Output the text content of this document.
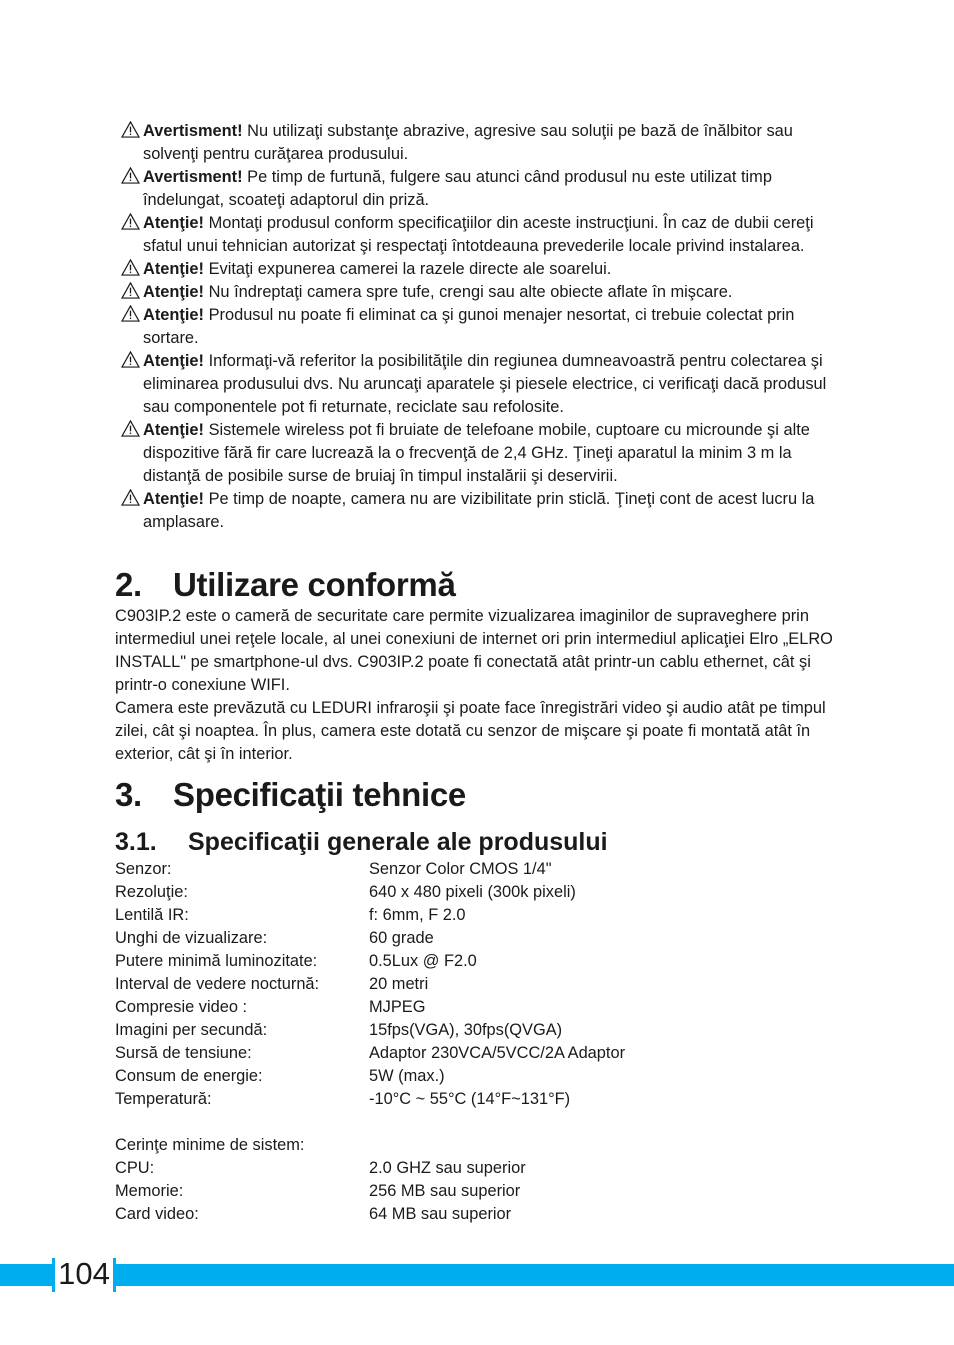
Avertisment! Nu utilizaţi substanţe abrazive, agresive sau soluţii pe bază de înălbitor sau solvenţi pentru curăţarea produsului.
Avertisment! Pe timp de furtună, fulgere sau atunci când produsul nu este utilizat timp îndelungat, scoateţi adaptorul din priză.
Atenţie! Montaţi produsul conform specificaţiilor din aceste instrucţiuni. În caz de dubii cereţi sfatul unui tehnician autorizat şi respectaţi întotdeauna prevederile locale privind instalarea.
Atenţie! Evitaţi expunerea camerei la razele directe ale soarelui.
Atenţie! Nu îndreptaţi camera spre tufe, crengi sau alte obiecte aflate în mişcare.
Atenţie! Produsul nu poate fi eliminat ca şi gunoi menajer nesortat, ci trebuie colectat prin sortare.
Atenţie! Informaţi-vă referitor la posibilităţile din regiunea dumneavoastră pentru colectarea şi eliminarea produsului dvs. Nu aruncaţi aparatele şi piesele electrice, ci verificaţi dacă produsul sau componentele pot fi returnate, reciclate sau refolosite.
Atenţie! Sistemele wireless pot fi bruiate de telefoane mobile, cuptoare cu microunde şi alte dispozitive fără fir care lucrează la o frecvenţă de 2,4 GHz. Ţineţi aparatul la minim 3 m la distanţă de posibile surse de bruiaj în timpul instalării şi deservirii.
Atenţie! Pe timp de noapte, camera nu are vizibilitate prin sticlă. Ţineţi cont de acest lucru la amplasare.
2. Utilizare conformă
C903IP.2 este o cameră de securitate care permite vizualizarea imaginilor de supraveghere prin intermediul unei reţele locale, al unei conexiuni de internet ori prin intermediul aplicaţiei Elro „ELRO INSTALL" pe smartphone-ul dvs. C903IP.2 poate fi conectată atât printr-un cablu ethernet, cât şi printr-o conexiune WIFI.
Camera este prevăzută cu LEDURI infraroşii şi poate face înregistrări video şi audio atât pe timpul zilei, cât şi noaptea. În plus, camera este dotată cu senzor de mişcare şi poate fi montată atât în exterior, cât şi în interior.
3. Specificaţii tehnice
3.1. Specificaţii generale ale produsului
Senzor:	Senzor Color CMOS 1/4"
Rezoluţie:	640 x 480 pixeli (300k pixeli)
Lentilă IR:	f: 6mm, F 2.0
Unghi de vizualizare:	60 grade
Putere minimă luminozitate:	0.5Lux @ F2.0
Interval de vedere nocturnă:	20 metri
Compresie video :	MJPEG
Imagini per secundă:	15fps(VGA), 30fps(QVGA)
Sursă de tensiune:	Adaptor 230VCA/5VCC/2A Adaptor
Consum de energie:	5W (max.)
Temperatură:	-10°C ~ 55°C (14°F~131°F)

Cerinţe minime de sistem:	
CPU:	2.0 GHZ sau superior
Memorie:	256 MB sau superior
Card video:	64 MB sau superior
104
